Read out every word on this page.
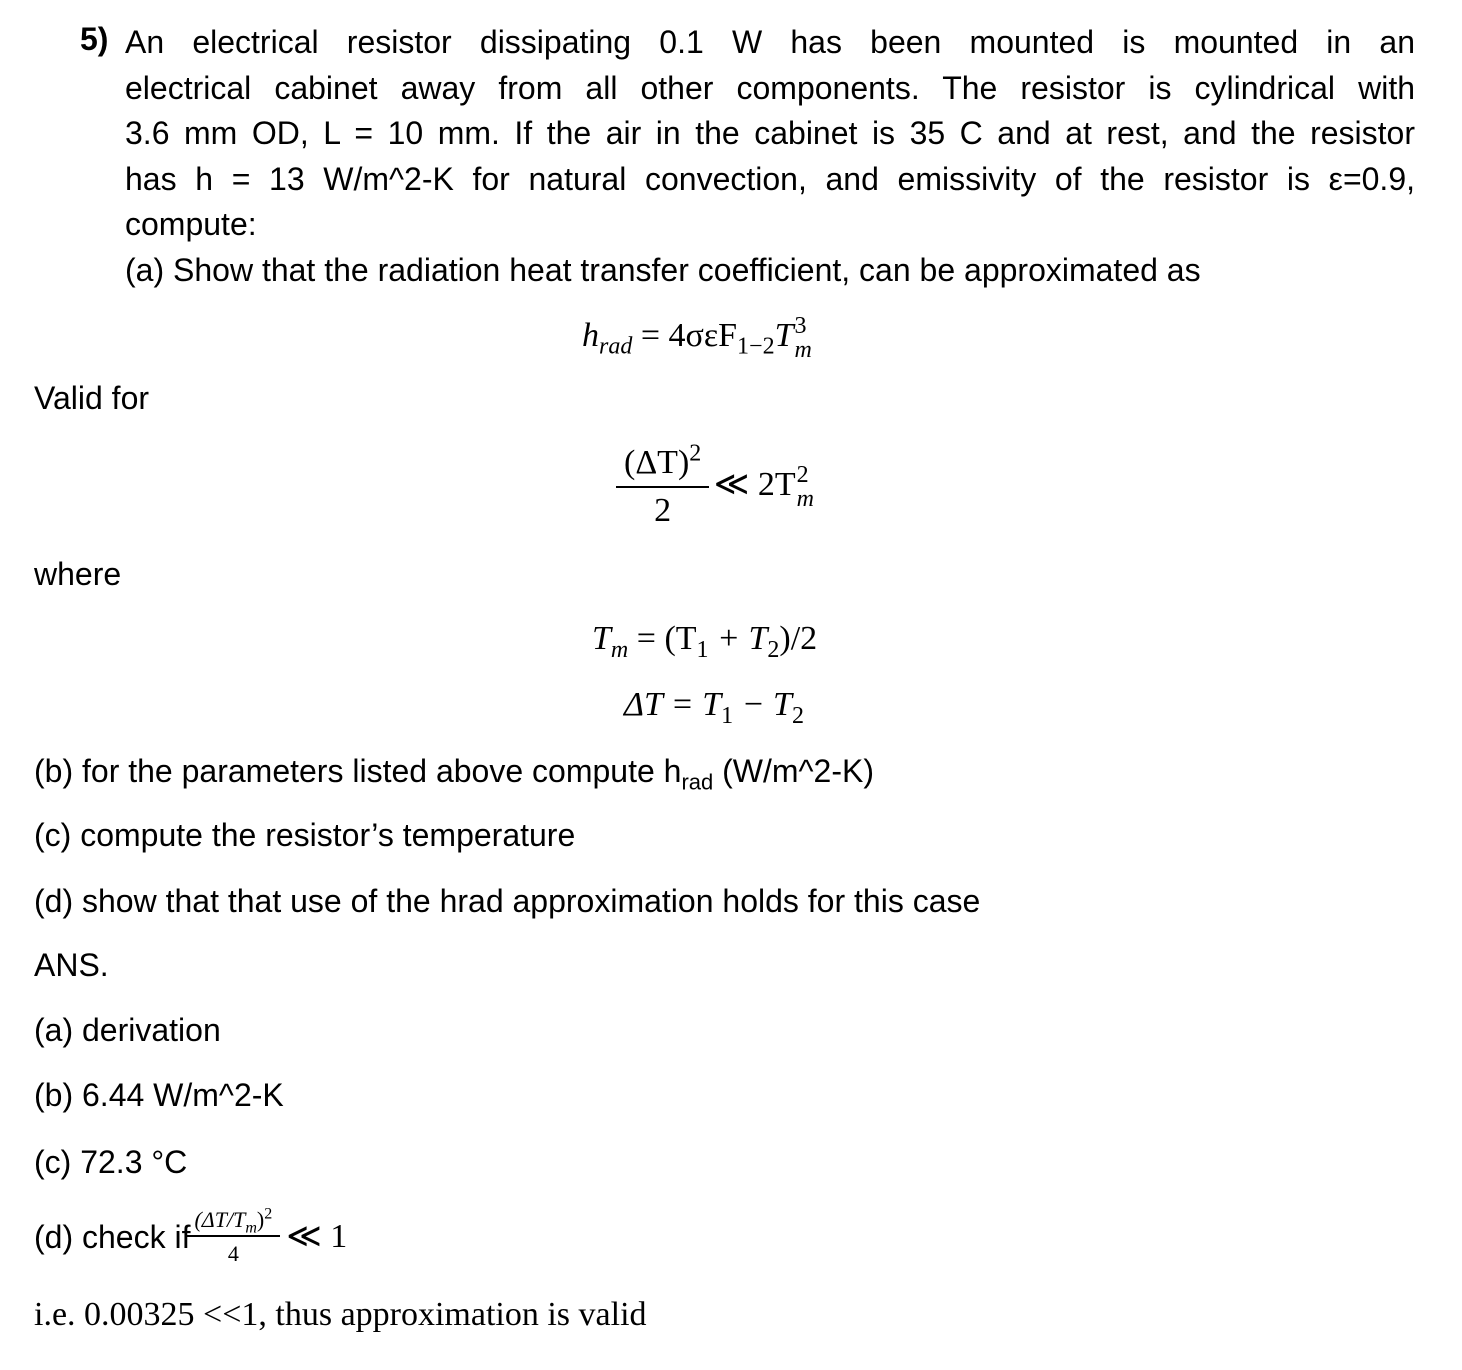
5) An electrical resistor dissipating 0.1 W has been mounted is mounted in an
electrical cabinet away from all other components. The resistor is cylindrical with
3.6 mm OD, L = 10 mm. If the air in the cabinet is 35 C and at rest, and the resistor
has h = 13 W/m^2-K for natural convection, and emissivity of the resistor is ε=0.9,
compute:
(a) Show that the radiation heat transfer coefficient, can be approximated as
$h_{rad} = 4\sigma\varepsilon F_{1-2}T$ 3
m
Valid for
$\frac{(\Delta T)^2}{2}$ ≪ 2T 2
m
where
$T_m = (T_1 + T_2)/2$
$\Delta T = T_1 - T_2$
(b) for the parameters listed above compute $h_{rad}$ (W/m^2-K)
(c) compute the resistor’s temperature
(d) show that that use of the hrad approximation holds for this case
ANS.
(a) derivation
(b) 6.44 W/m^2-K
(c) 72.3 °C
(d) check if $\frac{(\Delta T/T_m)^2}{4}$ ≪ 1
i.e. 0.00325 <<1, thus approximation is valid
